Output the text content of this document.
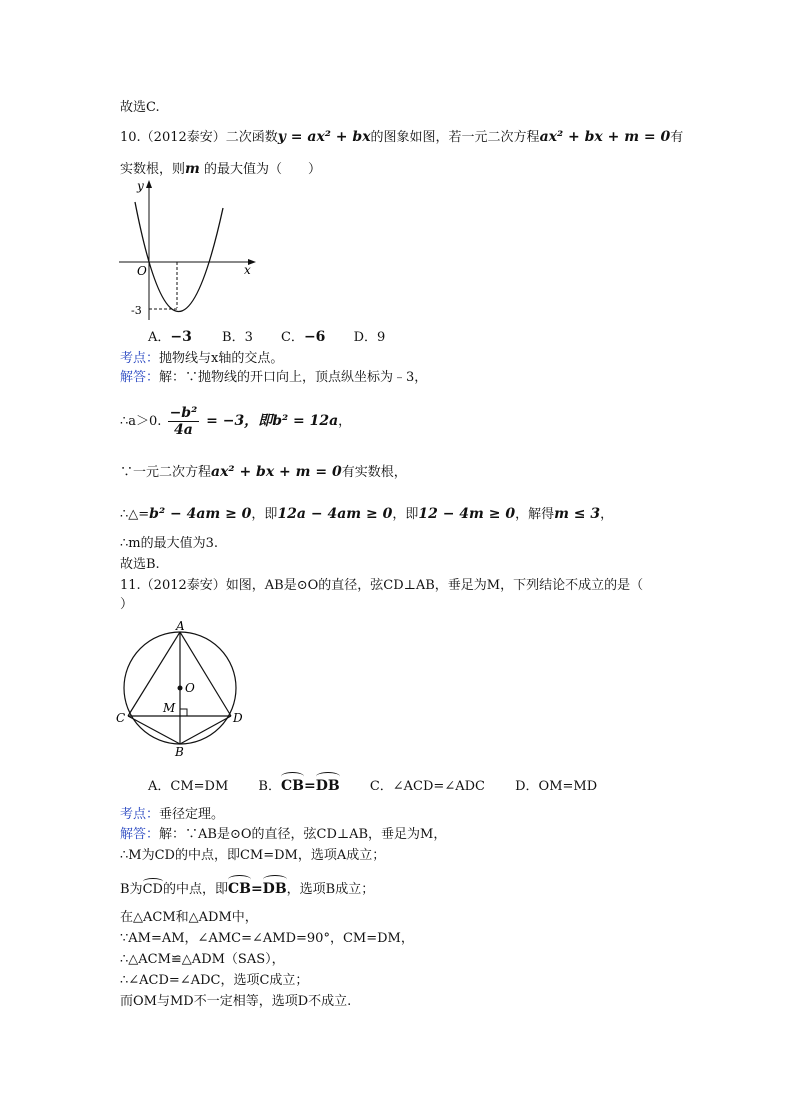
故选C.
10.（2012泰安）二次函数y = ax² + bx的图象如图，若一元二次方程ax² + bx + m = 0有
实数根，则m 的最大值为（　　）
y
x
O
-3
A．−3 B．3 C．−6 D．9
考点：抛物线与x轴的交点。
解答：解：∵抛物线的开口向上，顶点纵坐标为﹣3，
∴a＞0. $\frac{\text{−b²}}{4a} = -3$，即b² = 12a，
∵一元二次方程ax² + bx + m = 0有实数根，
∴△=b² − 4am ≥ 0，即12a − 4am ≥ 0，即12 − 4m ≥ 0，解得m ≤ 3，
∴m的最大值为3.
故选B.
11.（2012泰安）如图，AB是⊙O的直径，弦CD⊥AB，垂足为M，下列结论不成立的是（
）
A
B
C	D
O
M
A．CM=DM B．CB=DB C．∠ACD=∠ADC D．OM=MD
考点：垂径定理。
解答：解：∵AB是⊙O的直径，弦CD⊥AB，垂足为M，
∴M为CD的中点，即CM=DM，选项A成立；
B为CD的中点，即CB=DB，选项B成立；
在△ACM和△ADM中，
∵AM=AM，∠AMC=∠AMD=90°，CM=DM，
∴△ACM≌△ADM（SAS），
∴∠ACD=∠ADC，选项C成立；
而OM与MD不一定相等，选项D不成立.
